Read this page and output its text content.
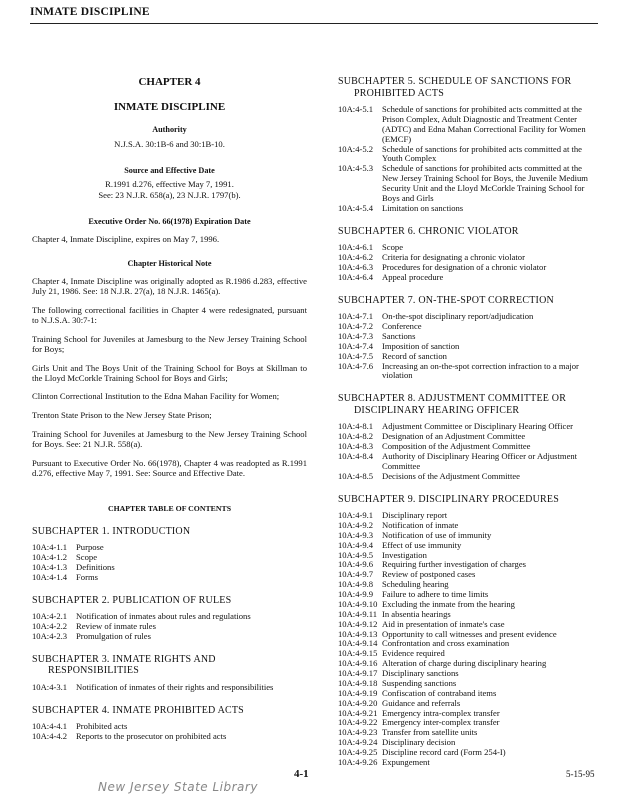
INMATE DISCIPLINE
CHAPTER 4
INMATE DISCIPLINE
Authority
N.J.S.A. 30:1B-6 and 30:1B-10.
Source and Effective Date
R.1991 d.276, effective May 7, 1991.
See: 23 N.J.R. 658(a), 23 N.J.R. 1797(b).
Executive Order No. 66(1978) Expiration Date

Chapter 4, Inmate Discipline, expires on May 7, 1996.

Chapter Historical Note

Chapter 4, Inmate Discipline was originally adopted as R.1986 d.283, effective July 21, 1986. See: 18 N.J.R. 27(a), 18 N.J.R. 1465(a).

The following correctional facilities in Chapter 4 were redesignated, pursuant to N.J.S.A. 30:7-1:

Training School for Juveniles at Jamesburg to the New Jersey Training School for Boys;

Girls Unit and The Boys Unit of the Training School for Boys at Skillman to the Lloyd McCorkle Training School for Boys and Girls;

Clinton Correctional Institution to the Edna Mahan Facility for Women;

Trenton State Prison to the New Jersey State Prison;

Training School for Juveniles at Jamesburg to the New Jersey Training School for Boys. See: 21 N.J.R. 558(a).

Pursuant to Executive Order No. 66(1978), Chapter 4 was readopted as R.1991 d.276, effective May 7, 1991. See: Source and Effective Date.

CHAPTER TABLE OF CONTENTS
SUBCHAPTER 1. INTRODUCTION
10A:4-1.1	Purpose
10A:4-1.2	Scope
10A:4-1.3	Definitions
10A:4-1.4	Forms
SUBCHAPTER 2. PUBLICATION OF RULES
10A:4-2.1	Notification of inmates about rules and regulations
10A:4-2.2	Review of inmate rules
10A:4-2.3	Promulgation of rules
SUBCHAPTER 3. INMATE RIGHTS AND
RESPONSIBILITIES
10A:4-3.1	Notification of inmates of their rights and responsibilities
SUBCHAPTER 4. INMATE PROHIBITED ACTS
10A:4-4.1	Prohibited acts
10A:4-4.2	Reports to the prosecutor on prohibited acts
SUBCHAPTER 5. SCHEDULE OF SANCTIONS FOR
PROHIBITED ACTS
10A:4-5.1	Schedule of sanctions for prohibited acts committed at the Prison Complex, Adult Diagnostic and Treatment Center (ADTC) and Edna Mahan Correctional Facility for Women (EMCF)
10A:4-5.2	Schedule of sanctions for prohibited acts committed at the Youth Complex
10A:4-5.3	Schedule of sanctions for prohibited acts committed at the New Jersey Training School for Boys, the Juvenile Medium Security Unit and the Lloyd McCorkle Training School for Boys and Girls
10A:4-5.4	Limitation on sanctions
SUBCHAPTER 6. CHRONIC VIOLATOR
10A:4-6.1	Scope
10A:4-6.2	Criteria for designating a chronic violator
10A:4-6.3	Procedures for designation of a chronic violator
10A:4-6.4	Appeal procedure
SUBCHAPTER 7. ON-THE-SPOT CORRECTION
10A:4-7.1	On-the-spot disciplinary report/adjudication
10A:4-7.2	Conference
10A:4-7.3	Sanctions
10A:4-7.4	Imposition of sanction
10A:4-7.5	Record of sanction
10A:4-7.6	Increasing an on-the-spot correction infraction to a major violation
SUBCHAPTER 8. ADJUSTMENT COMMITTEE OR
DISCIPLINARY HEARING OFFICER
10A:4-8.1	Adjustment Committee or Disciplinary Hearing Officer
10A:4-8.2	Designation of an Adjustment Committee
10A:4-8.3	Composition of the Adjustment Committee
10A:4-8.4	Authority of Disciplinary Hearing Officer or Adjustment Committee
10A:4-8.5	Decisions of the Adjustment Committee
SUBCHAPTER 9. DISCIPLINARY PROCEDURES
10A:4-9.1	Disciplinary report
10A:4-9.2	Notification of inmate
10A:4-9.3	Notification of use of immunity
10A:4-9.4	Effect of use immunity
10A:4-9.5	Investigation
10A:4-9.6	Requiring further investigation of charges
10A:4-9.7	Review of postponed cases
10A:4-9.8	Scheduling hearing
10A:4-9.9	Failure to adhere to time limits
10A:4-9.10 Excluding the inmate from the hearing
10A:4-9.11 In absentia hearings
10A:4-9.12 Aid in presentation of inmate's case
10A:4-9.13 Opportunity to call witnesses and present evidence
10A:4-9.14 Confrontation and cross examination
10A:4-9.15 Evidence required
10A:4-9.16 Alteration of charge during disciplinary hearing
10A:4-9.17 Disciplinary sanctions
10A:4-9.18 Suspending sanctions
10A:4-9.19 Confiscation of contraband items
10A:4-9.20 Guidance and referrals
10A:4-9.21 Emergency intra-complex transfer
10A:4-9.22 Emergency inter-complex transfer
10A:4-9.23 Transfer from satellite units
10A:4-9.24 Disciplinary decision
10A:4-9.25 Discipline record card (Form 254-I)
10A:4-9.26 Expungement
4-1	5-15-95
New Jersey State Library
